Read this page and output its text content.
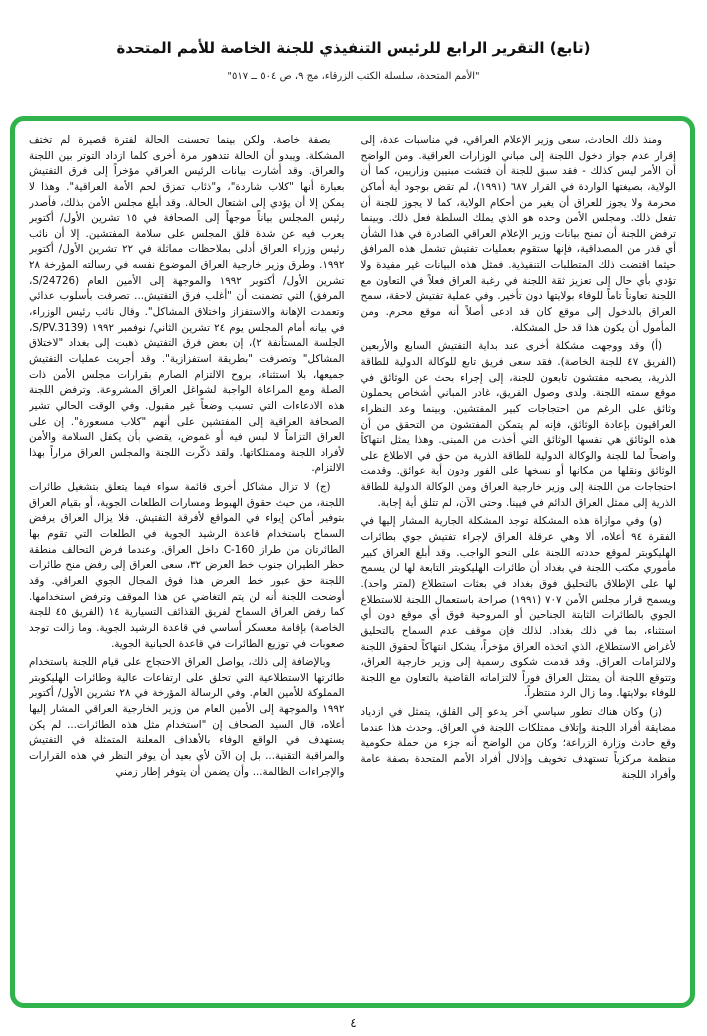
(تابع) التقرير الرابع للرئيس التنفيذي للجنة الخاصة للأمم المتحدة
"الأمم المتحدة، سلسلة الكتب الزرقاء، مج ٩، ص ٥٠٤ ــ ٥١٧"

ومنذ ذلك الحادث، سعى وزير الإعلام العراقي، في مناسبات عدة، إلى إقرار عدم جواز دخول اللجنة إلى مباني الوزارات العراقية. ومن الواضح أن الأمر ليس كذلك - فقد سبق للجنة أن فتشت مبنيين وزاريين، كما أن الولاية، بصيغتها الواردة في القرار ٦٨٧ (١٩٩١)، لم تقض بوجود أية أماكن محرمة ولا يجوز للعراق أن يغير من أحكام الولاية، كما لا يجوز للجنة أن تفعل ذلك. ومجلس الأمن وحده هو الذي يملك السلطة فعل ذلك. وبينما ترفض اللجنة أن تمنح بيانات وزير الإعلام العراقي الصادرة في هذا الشأن أي قدر من المصداقية، فإنها ستقوم بعمليات تفتيش تشمل هذه المرافق حيثما اقتضت ذلك المتطلبات التنفيذية. فمثل هذه البيانات غير مفيدة ولا تؤدي بأي حال إلى تعزيز ثقة اللجنة في رغبة العراق فعلاً في التعاون مع اللجنة تعاوناً تاماً للوفاء بولايتها دون تأخير. وفي عملية تفتيش لاحقة، سمح العراق بالدخول إلى موقع كان قد ادعى أصلاً أنه موقع محرم. ومن المأمول أن يكون هذا قد حل المشكلة.

(أ) وقد ووجهت مشكلة أخرى عند بداية التفتيش السابع والأربعين (الفريق ٤٧ للجنة الخاصة). فقد سعى فريق تابع للوكالة الدولية للطاقة الذرية، يصحبه مفتشون تابعون للجنة، إلى إجراء بحث عن الوثائق في موقع سمته اللجنة. ولدى وصول الفريق، غادر المباني أشخاص يحملون وثائق على الرغم من احتجاجات كبير المفتشين. وبينما وعد النظراء العراقيون بإعادة الوثائق، فإنه لم يتمكن المفتشون من التحقق من أن هذه الوثائق هي نفسها الوثائق التي أخذت من المبنى. وهذا يمثل انتهاكاً واضحاً لما للجنة والوكالة الدولية للطاقة الذرية من حق في الاطلاع على الوثائق ونقلها من مكانها أو نسخها على الفور ودون أية عوائق. وقدمت احتجاجات من اللجنة إلى وزير خارجية العراق ومن الوكالة الدولية للطاقة الذرية إلى ممثل العراق الدائم في فيينا. وحتى الآن، لم تتلق أية إجابة.

(و) وفي موازاة هذه المشكلة توجد المشكلة الجارية المشار إليها في الفقرة ٩٤ أعلاه، ألا وهي عرقلة العراق لإجراء تفتيش جوي بطائرات الهليكوبتر لموقع حددته اللجنة على النحو الواجب. وقد أبلغ العراق كبير مأموري مكتب اللجنة في بغداد أن طائرات الهليكوبتر التابعة لها لن يسمح لها على الإطلاق بالتحليق فوق بغداد في بعثات استطلاع (لمتر واحد). ويسمح قرار مجلس الأمن ٧٠٧ (١٩٩١) صراحة باستعمال اللجنة للاستطلاع الجوي بالطائرات الثابتة الجناحين أو المروحية فوق أي موقع دون أي استثناء، بما في ذلك بغداد. لذلك فإن موقف عدم السماح بالتحليق لأغراض الاستطلاع، الذي اتخذه العراق مؤخراً، يشكل انتهاكاً لحقوق اللجنة ولالتزامات العراق. وقد قدمت شكوى رسمية إلى وزير خارجية العراق، وتتوقع اللجنة أن يمتثل العراق فوراً لالتزاماته القاضية بالتعاون مع اللجنة للوفاء بولايتها. وما زال الرد منتظراً.

(ز) وكان هناك تطور سياسي آخر يدعو إلى القلق، يتمثل في ازدياد مضايقة أفراد اللجنة وإتلاف ممتلكات اللجنة في العراق. وحدث هذا عندما وقع حادث وزارة الزراعة؛ وكان من الواضح أنه جزء من حملة حكومية منظمة مركزياً تستهدف تخويف وإذلال أفراد الأمم المتحدة بصفة عامة وأفراد اللجنة

بصفة خاصة. ولكن بينما تحسنت الحالة لفترة قصيرة لم تختف المشكلة. ويبدو أن الحالة تتدهور مرة أخرى كلما ازداد التوتر بين اللجنة والعراق. وقد أشارت بيانات الرئيس العراقي مؤخراً إلى فرق التفتيش بعبارة أنها "كلاب شاردة"، و"ذئاب تمزق لحم الأمة العراقية". وهذا لا يمكن إلا أن يؤدي إلى اشتعال الحالة. وقد أبلغ مجلس الأمن بذلك، فأصدر رئيس المجلس بياناً موجهاً إلى الصحافة في ١٥ تشرين الأول/ أكتوبر يعرب فيه عن شدة قلق المجلس على سلامة المفتشين. إلا أن نائب رئيس وزراء العراق أدلى بملاحظات مماثلة في ٢٢ تشرين الأول/ أكتوبر ١٩٩٢. وطرق وزير خارجية العراق الموضوع نفسه في رسالته المؤرخة ٢٨ تشرين الأول/ أكتوبر ١٩٩٢ والموجهة إلى الأمين العام (S/24726، المرفق) التي تضمنت أن "أغلب فرق التفتيش... تصرفت بأسلوب عدائي وتعمدت الإهانة والاستفزاز واختلاق المشاكل". وقال نائب رئيس الوزراء، في بيانه أمام المجلس يوم ٢٤ تشرين الثاني/ نوفمبر ١٩٩٢ (S/PV.3139، الجلسة المستأنفة ٢)، إن بعض فرق التفتيش ذهبت إلى بغداد "لاختلاق المشاكل" وتصرفت "بطريقة استفزازية". وقد أجريت عمليات التفتيش جميعها، بلا استثناء، بروح الالتزام الصارم بقرارات مجلس الأمن ذات الصلة ومع المراعاة الواجبة لشواغل العراق المشروعة. وترفض اللجنة هذه الادعاءات التي تسبب وضعاً غير مقبول. وفي الوقت الحالي تشير الصحافة العراقية إلى المفتشين على أنهم "كلاب مسعورة". إن على العراق التزاماً لا لبس فيه أو غموض، يقضي بأن يكفل السلامة والأمن لأفراد اللجنة وممتلكاتها. ولقد ذكّرت اللجنة والمجلس العراق مراراً بهذا الالتزام.

(ج) لا تزال مشاكل أخرى قائمة سواء فيما يتعلق بتشغيل طائرات اللجنة، من حيث حقوق الهبوط ومسارات الطلعات الجوية، أو بقيام العراق بتوفير أماكن إيواء في المواقع لأفرقة التفتيش. فلا يزال العراق يرفض السماح باستخدام قاعدة الرشيد الجوية في الطلعات التي تقوم بها الطائرتان من طراز C-160 داخل العراق. وعندما فرض التحالف منطقة حظر الطيران جنوب خط العرض ٣٢، سعى العراق إلى رفض منح طائرات اللجنة حق عبور خط العرض هذا فوق المجال الجوي العراقي. وقد أوضحت اللجنة أنه لن يتم التغاضي عن هذا الموقف وترفض استخدامها. كما رفض العراق السماح لفريق القذائف التسيارية ١٤ (الفريق ٤٥ للجنة الخاصة) بإقامة معسكر أساسي في قاعدة الرشيد الجوية. وما زالت توجد صعوبات في توزيع الطائرات في قاعدة الحبانية الجوية.

وبالإضافة إلى ذلك، يواصل العراق الاحتجاج على قيام اللجنة باستخدام طائرتها الاستطلاعية التي تحلق على ارتفاعات عالية وطائرات الهليكوبتر المملوكة للأمين العام. وفي الرسالة المؤرخة في ٢٨ تشرين الأول/ أكتوبر ١٩٩٢ والموجهة إلى الأمين العام من وزير الخارجية العراقي المشار إليها أعلاه، قال السيد الصحاف إن "استخدام مثل هذه الطائرات... لم يكن يستهدف في الواقع الوفاء بالأهداف المعلنة المتمثلة في التفتيش والمراقبة التقنية... بل إن الآن لأي بعيد أن يوفر النظر في هذه القرارات والإجراءات الظالمة... وأن يضمن أن يتوفر إطار زمني

٤
